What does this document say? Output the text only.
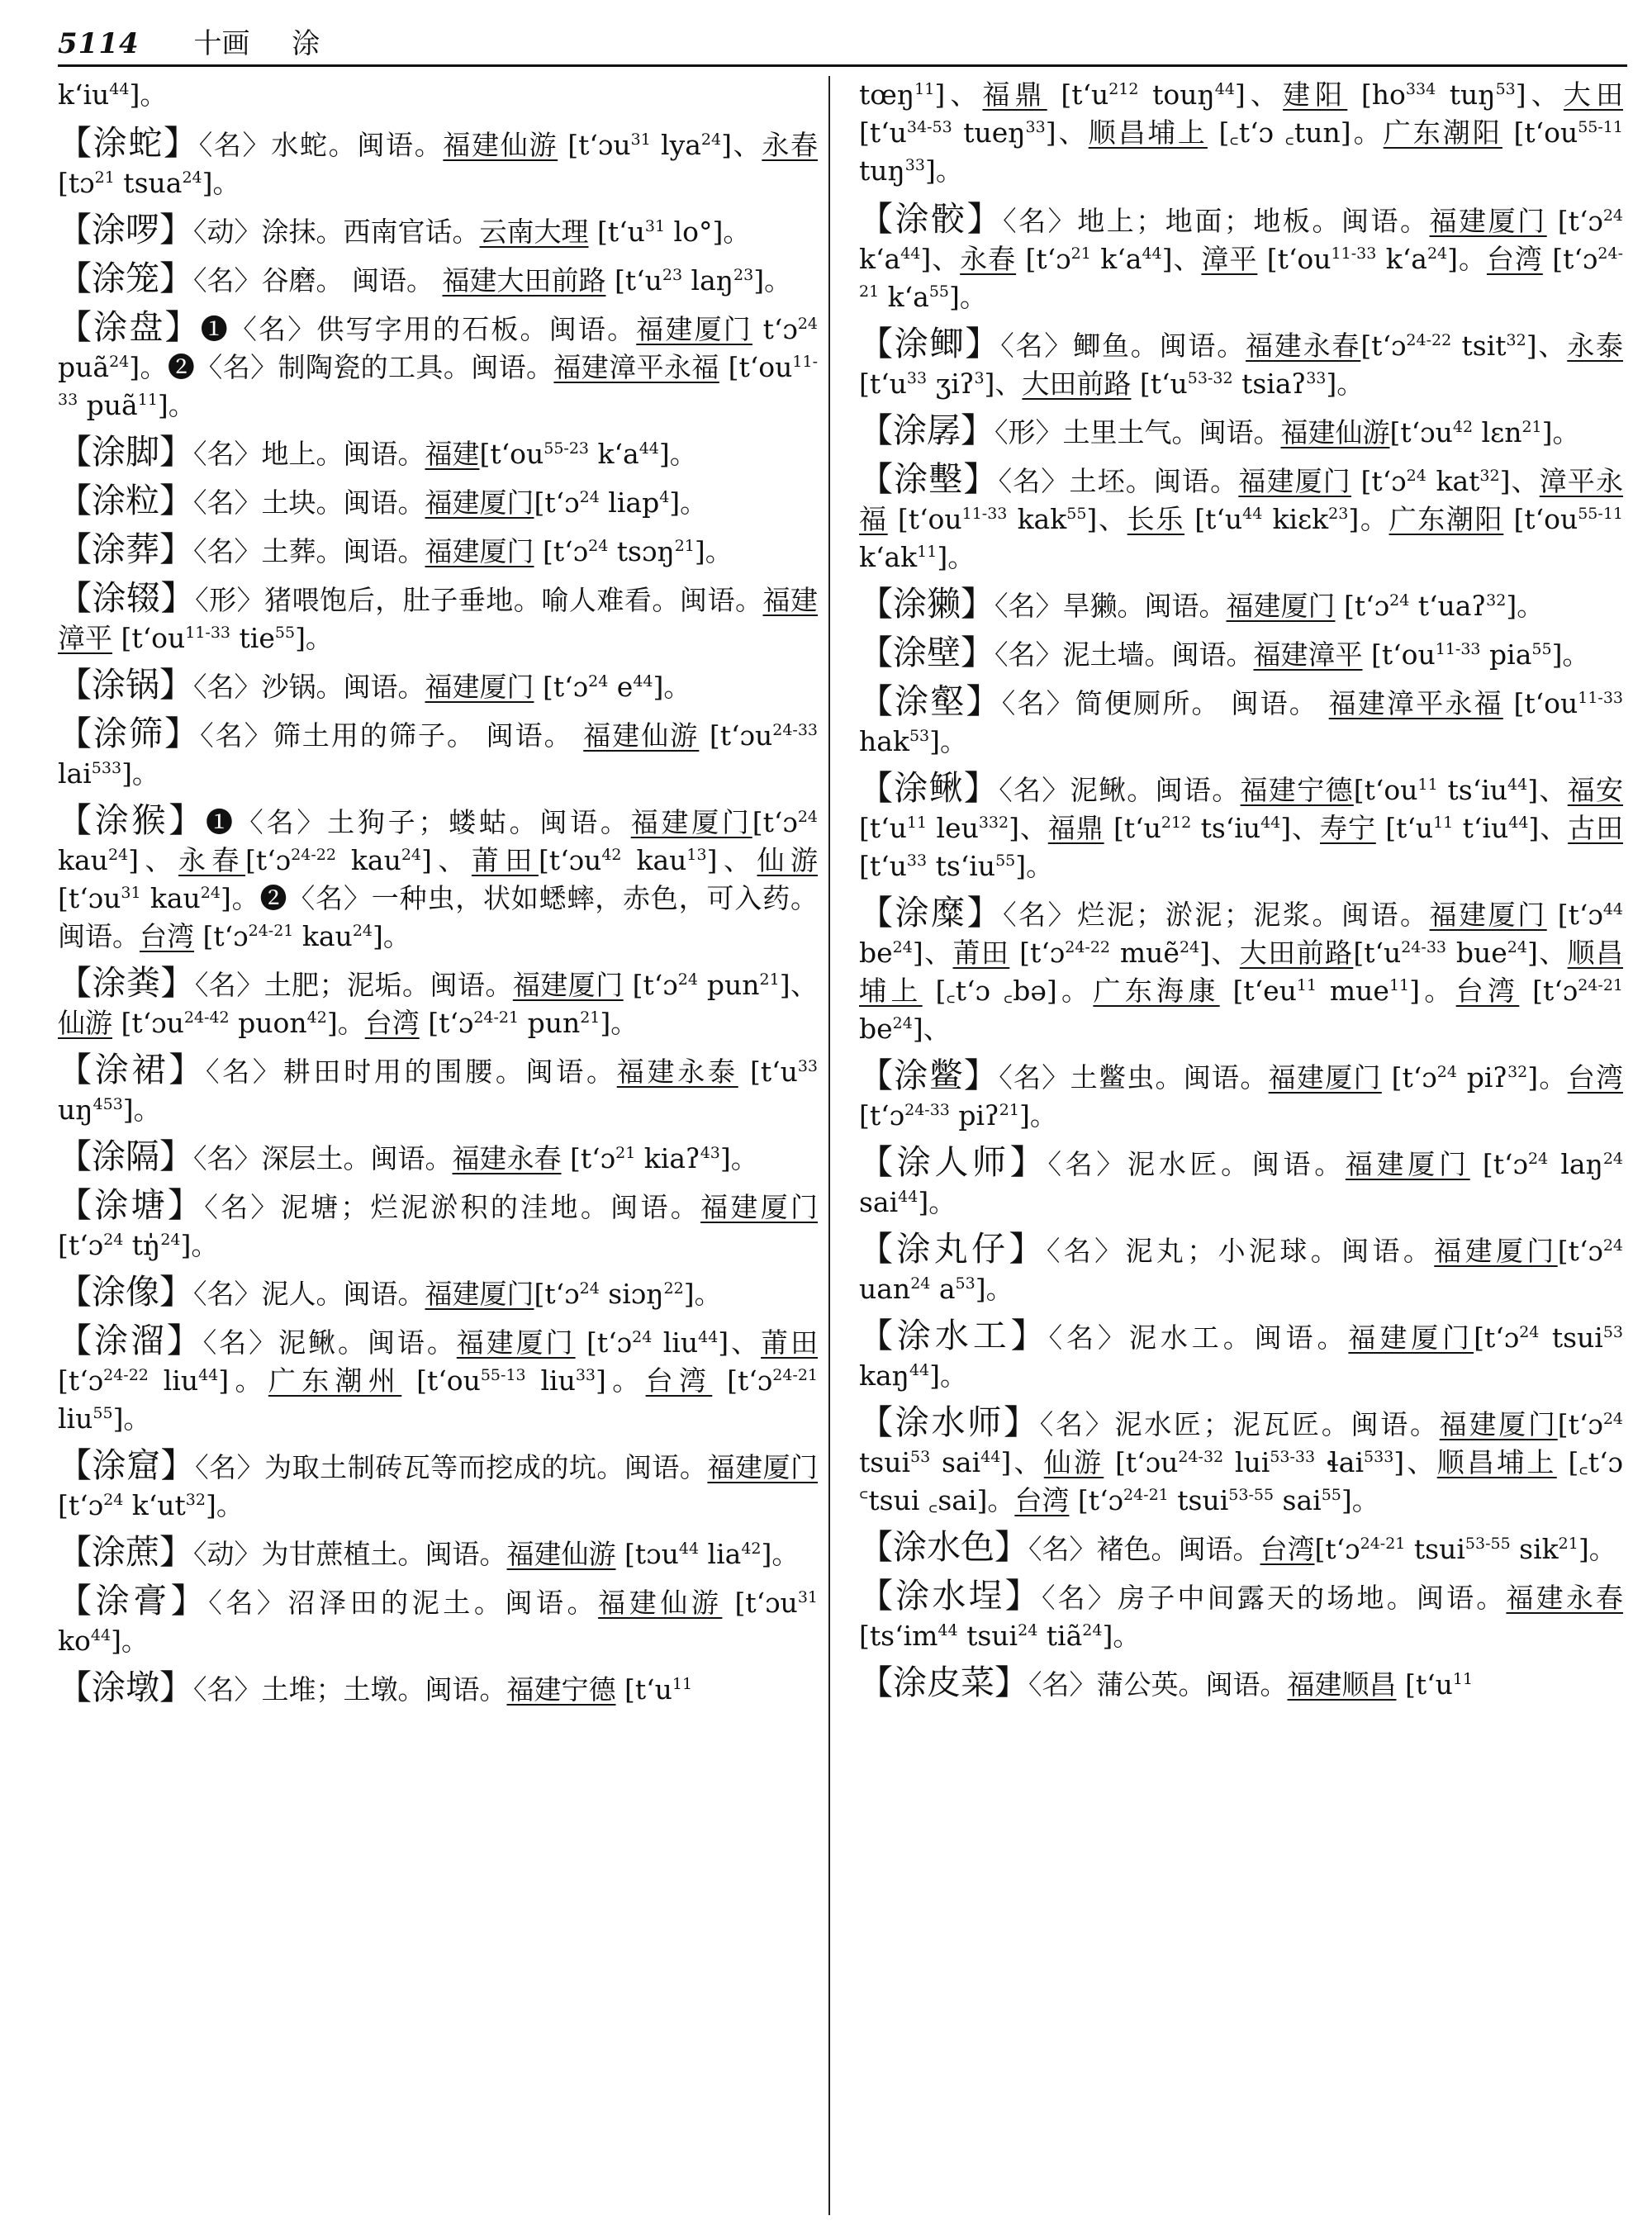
5114 十画 涂
$k‘iu^{44}$]。
【涂蛇】〈名〉水蛇。闽语。福建仙游 [t‘ɔu$^{31}$ lya$^{24}$]、永春 [tɔ$^{21}$ tsua$^{24}$]。
【涂啰】〈动〉涂抹。西南官话。云南大理 [$t‘u^{31}$ lo°]。
【涂笼】〈名〉谷磨。 闽语。 福建大田前路 [$t‘u^{23}$ laŋ$^{23}$]。
【涂盘】❶〈名〉供写字用的石板。闽语。福建厦门 t‘ɔ$^{24}$ puã$^{24}$]。❷〈名〉制陶瓷的工具。闽语。福建漳平永福 [$t‘ou^{11-33}$ puã$^{11}$]。
【涂脚】〈名〉地上。闽语。福建[$t‘ou^{55-23}$ $k‘a^{44}$]。
【涂粒】〈名〉土块。闽语。福建厦门[t‘ɔ$^{24}$ liap$^4$]。
【涂葬】〈名〉土葬。闽语。福建厦门 [t‘ɔ$^{24}$ tsɔŋ$^{21}$]。
【涂辍】〈形〉猪喂饱后，肚子垂地。喻人难看。闽语。福建漳平 [$t‘ou^{11-33}$ tie$^{55}$]。
【涂锅】〈名〉沙锅。闽语。福建厦门 [t‘ɔ$^{24}$ $e^{44}$]。
【涂筛】〈名〉筛土用的筛子。 闽语。 福建仙游 [t‘ɔu$^{24-33}$ lai$^{533}$]。
【涂猴】❶〈名〉土狗子；蝼蛄。闽语。福建厦门[t‘ɔ$^{24}$ kau$^{24}$]、永春[t‘ɔ$^{24-22}$ kau$^{24}$]、莆田[t‘ɔu$^{42}$ kau$^{13}$]、仙游[t‘ɔu$^{31}$ kau$^{24}$]。❷〈名〉一种虫，状如蟋蟀，赤色，可入药。闽语。台湾 [t‘ɔ$^{24-21}$ kau$^{24}$]。
【涂粪】〈名〉土肥；泥垢。闽语。福建厦门 [t‘ɔ$^{24}$ pun$^{21}$]、仙游 [t‘ɔu$^{24-42}$ puon$^{42}$]。台湾 [t‘ɔ$^{24-21}$ pun$^{21}$]。
【涂裙】〈名〉耕田时用的围腰。闽语。福建永泰 [$t‘u^{33}$ $uŋ^{453}$]。
【涂隔】〈名〉深层土。闽语。福建永春 [t‘ɔ$^{21}$ kiaʔ$^{43}$]。
【涂塘】〈名〉泥塘；烂泥淤积的洼地。闽语。福建厦门 [t‘ɔ$^{24}$ tŋ̍$^{24}$]。
【涂像】〈名〉泥人。闽语。福建厦门[t‘ɔ$^{24}$ siɔŋ$^{22}$]。
【涂溜】〈名〉泥鳅。闽语。福建厦门 [t‘ɔ$^{24}$ liu$^{44}$]、莆田 [t‘ɔ$^{24-22}$ liu$^{44}$]。广东潮州 [$t‘ou^{55-13}$ liu$^{33}$]。台湾 [t‘ɔ$^{24-21}$ liu$^{55}$]。
【涂窟】〈名〉为取土制砖瓦等而挖成的坑。闽语。福建厦门 [t‘ɔ$^{24}$ $k‘ut^{32}$]。
【涂蔗】〈动〉为甘蔗植土。闽语。福建仙游 [tɔu$^{44}$ lia$^{42}$]。
【涂膏】〈名〉沼泽田的泥土。闽语。福建仙游 [t‘ɔu$^{31}$ $ko^{44}$]。
【涂墩】〈名〉土堆；土墩。闽语。福建宁德 [$t‘u^{11}$
tœŋ$^{11}$]、福鼎 [$t‘u^{212}$ touŋ$^{44}$]、建阳 [$ho^{334}$ tuŋ$^{53}$]、大田 [$t‘u^{34-53}$ tueŋ$^{33}$]、顺昌埔上 [꜀t‘ɔ ꜀tun]。广东潮阳 [$t‘ou^{55-11}$ tuŋ$^{33}$]。
【涂骹】〈名〉地上；地面；地板。闽语。福建厦门 [t‘ɔ$^{24}$ $k‘a^{44}$]、永春 [t‘ɔ$^{21}$ $k‘a^{44}$]、漳平 [$t‘ou^{11-33}$ $k‘a^{24}$]。台湾 [t‘ɔ$^{24-21}$ $k‘a^{55}$]。
【涂鲫】〈名〉鲫鱼。闽语。福建永春[t‘ɔ$^{24-22}$ tsit$^{32}$]、永泰 [$t‘u^{33}$ ʒiʔ$^3$]、大田前路 [$t‘u^{53-32}$ tsiaʔ$^{33}$]。
【涂孱】〈形〉土里土气。闽语。福建仙游[t‘ɔu$^{42}$ lɛn$^{21}$]。
【涂墼】〈名〉土坯。闽语。福建厦门 [t‘ɔ$^{24}$ kat$^{32}$]、漳平永福 [$t‘ou^{11-33}$ kak$^{55}$]、长乐 [$t‘u^{44}$ kiɛk$^{23}$]。广东潮阳 [$t‘ou^{55-11}$ $k‘ak^{11}$]。
【涂獭】〈名〉旱獭。闽语。福建厦门 [t‘ɔ$^{24}$ t‘uaʔ$^{32}$]。
【涂壁】〈名〉泥土墙。闽语。福建漳平 [$t‘ou^{11-33}$ pia$^{55}$]。
【涂壑】〈名〉简便厕所。 闽语。 福建漳平永福 [$t‘ou^{11-33}$ hak$^{53}$]。
【涂鳅】〈名〉泥鳅。闽语。福建宁德[$t‘ou^{11}$ $ts‘iu^{44}$]、福安 [$t‘u^{11}$ leu$^{332}$]、福鼎 [$t‘u^{212}$ $ts‘iu^{44}$]、寿宁 [$t‘u^{11}$ $t‘iu^{44}$]、古田 [$t‘u^{33}$ $ts‘iu^{55}$]。
【涂糜】〈名〉烂泥；淤泥；泥浆。闽语。福建厦门 [t‘ɔ$^{44}$ $be^{24}$]、莆田 [t‘ɔ$^{24-22}$ muẽ$^{24}$]、大田前路[$t‘u^{24-33}$ bue$^{24}$]、顺昌埔上 [꜀t‘ɔ ꜀bə]。广东海康 [$t‘eu^{11}$ mue$^{11}$]。台湾 [t‘ɔ$^{24-21}$ $be^{24}$]、
【涂鳖】〈名〉土鳖虫。闽语。福建厦门 [t‘ɔ$^{24}$ piʔ$^{32}$]。台湾 [t‘ɔ$^{24-33}$ piʔ$^{21}$]。
【涂人师】〈名〉泥水匠。闽语。福建厦门 [t‘ɔ$^{24}$ laŋ$^{24}$ sai$^{44}$]。
【涂丸仔】〈名〉泥丸；小泥球。闽语。福建厦门[t‘ɔ$^{24}$ uan$^{24}$ $a^{53}$]。
【涂水工】〈名〉泥水工。闽语。福建厦门[t‘ɔ$^{24}$ tsui$^{53}$ kaŋ$^{44}$]。
【涂水师】〈名〉泥水匠；泥瓦匠。闽语。福建厦门[t‘ɔ$^{24}$ tsui$^{53}$ sai$^{44}$]、仙游 [t‘ɔu$^{24-32}$ lui$^{53-33}$ ɬai$^{533}$]、顺昌埔上 [꜀t‘ɔ ꜂tsui ꜀sai]。台湾 [t‘ɔ$^{24-21}$ tsui$^{53-55}$ sai$^{55}$]。
【涂水色】〈名〉褚色。闽语。台湾[t‘ɔ$^{24-21}$ tsui$^{53-55}$ sik$^{21}$]。
【涂水埕】〈名〉房子中间露天的场地。闽语。福建永春 [$ts‘im^{44}$ tsui$^{24}$ tiã$^{24}$]。
【涂皮菜】〈名〉蒲公英。闽语。福建顺昌 [$t‘u^{11}$
